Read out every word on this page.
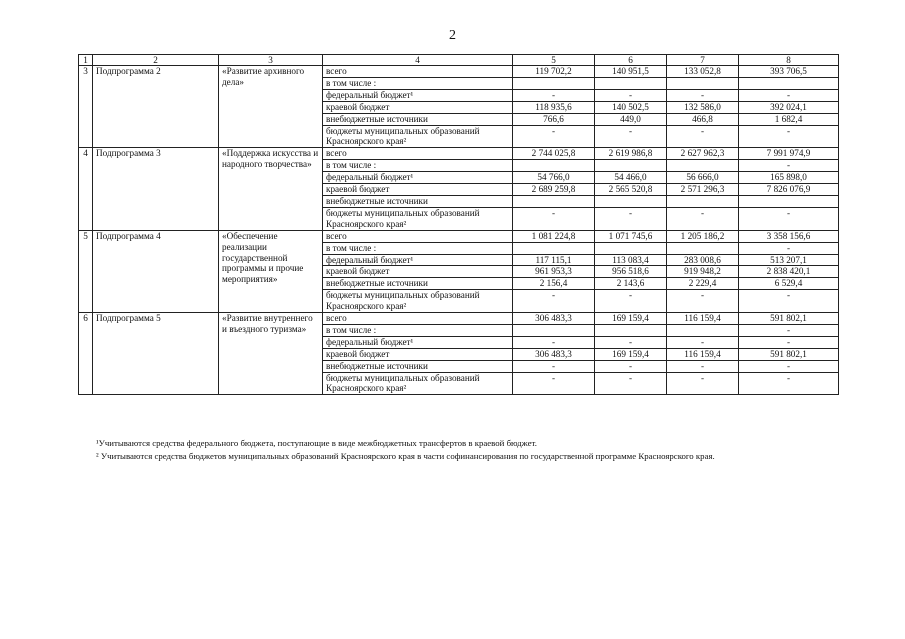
2
1	2	3	4	5	6	7	8
3	Подпрограмма 2	«Развитие архивного дела»	всего	119 702,2	140 951,5	133 052,8	393 706,5
			в том числе :				
			федеральный бюджет¹	-	-	-	-
			краевой бюджет	118 935,6	140 502,5	132 586,0	392 024,1
			внебюджетные источники	766,6	449,0	466,8	1 682,4
			бюджеты муниципальных образований Красноярского края²	-	-	-	-
4	Подпрограмма 3	«Поддержка искусства и народного творчества»	всего	2 744 025,8	2 619 986,8	2 627 962,3	7 991 974,9
			в том числе :				-
			федеральный бюджет¹	54 766,0	54 466,0	56 666,0	165 898,0
			краевой бюджет	2 689 259,8	2 565 520,8	2 571 296,3	7 826 076,9
			внебюджетные источники				
			бюджеты муниципальных образований Красноярского края²	-	-	-	-
5	Подпрограмма 4	«Обеспечение реализации государственной программы и прочие мероприятия»	всего	1 081 224,8	1 071 745,6	1 205 186,2	3 358 156,6
			в том числе :				-
			федеральный бюджет¹	117 115,1	113 083,4	283 008,6	513 207,1
			краевой бюджет	961 953,3	956 518,6	919 948,2	2 838 420,1
			внебюджетные источники	2 156,4	2 143,6	2 229,4	6 529,4
			бюджеты муниципальных образований Красноярского края²	-	-	-	-
6	Подпрограмма 5	«Развитие внутреннего и въездного туризма»	всего	306 483,3	169 159,4	116 159,4	591 802,1
			в том числе :				-
			федеральный бюджет¹	-	-	-	-
			краевой бюджет	306 483,3	169 159,4	116 159,4	591 802,1
			внебюджетные источники	-	-	-	-
			бюджеты муниципальных образований Красноярского края²	-	-	-	-

¹Учитываются средства федерального бюджета, поступающие в виде межбюджетных трансфертов в краевой бюджет.

² Учитываются средства бюджетов муниципальных образований Красноярского края в части софинансирования по государственной программе Красноярского края.
